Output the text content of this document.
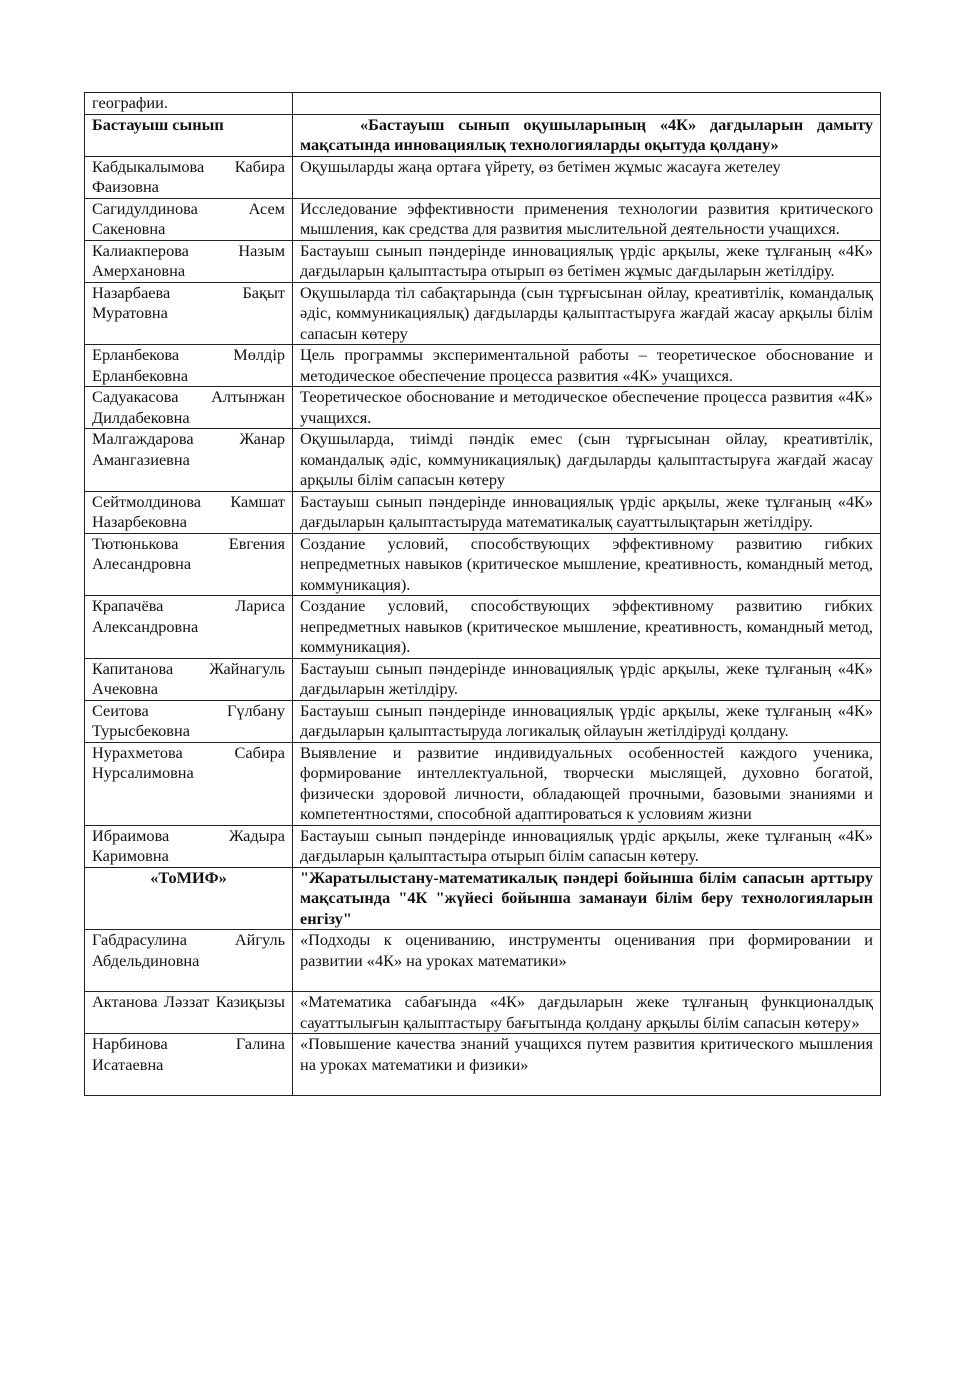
географии.	
Бастауыш сынып	«Бастауыш сынып оқушыларының «4К» дағдыларын дамыту мақсатында инновациялық технологияларды оқытуда қолдану»
Кабдыкалымова Кабира Фаизовна	Оқушыларды жаңа ортаға үйрету, өз бетімен жұмыс жасауға жетелеу
Сагидулдинова Асем Сакеновна	Исследование эффективности применения технологии развития критического мышления, как средства для развития мыслительной деятельности учащихся.
Калиакперова Назым Амерхановна	Бастауыш сынып пәндерінде инновациялық үрдіс арқылы, жеке тұлғаның «4К» дағдыларын қалыптастыра отырып өз бетімен жұмыс дағдыларын жетілдіру.
Назарбаева Бақыт Муратовна	Оқушыларда тіл сабақтарында (сын тұрғысынан ойлау, креативтілік, командалық әдіс, коммуникациялық) дағдыларды қалыптастыруға жағдай жасау арқылы білім сапасын көтеру
Ерланбекова Мөлдір Ерланбековна	Цель программы экспериментальной работы – теоретическое обоснование и методическое обеспечение процесса развития «4К» учащихся.
Садуакасова Алтынжан Дилдабековна	Теоретическое обоснование и методическое обеспечение процесса развития «4К» учащихся.
Малгаждарова Жанар Амангазиевна	Оқушыларда, тиімді пәндік емес (сын тұрғысынан ойлау, креативтілік, командалық әдіс, коммуникациялық) дағдыларды қалыптастыруға жағдай жасау арқылы білім сапасын көтеру
Сейтмолдинова Камшат Назарбековна	Бастауыш сынып пәндерінде инновациялық үрдіс арқылы, жеке тұлғаның «4К» дағдыларын қалыптастыруда математикалық сауаттылықтарын жетілдіру.
Тютюнькова Евгения Алесандровна	Создание условий, способствующих эффективному развитию гибких непредметных навыков (критическое мышление, креативность, командный метод, коммуникация).
Крапачёва Лариса Александровна	Создание условий, способствующих эффективному развитию гибких непредметных навыков (критическое мышление, креативность, командный метод, коммуникация).
Капитанова Жайнагуль Ачековна	Бастауыш сынып пәндерінде инновациялық үрдіс арқылы, жеке тұлғаның «4К» дағдыларын жетілдіру.
Сеитова Гүлбану Турысбековна	Бастауыш сынып пәндерінде инновациялық үрдіс арқылы, жеке тұлғаның «4К» дағдыларын қалыптастыруда логикалық ойлауын жетілдіруді қолдану.
Нурахметова Сабира Нурсалимовна	Выявление и развитие индивидуальных особенностей каждого ученика, формирование интеллектуальной, творчески мыслящей, духовно богатой, физически здоровой личности, обладающей прочными, базовыми знаниями и компетентностями, способной адаптироваться к условиям жизни
Ибраимова Жадыра Каримовна	Бастауыш сынып пәндерінде инновациялық үрдіс арқылы, жеке тұлғаның «4К» дағдыларын қалыптастыра отырып білім сапасын көтеру.
«ТоМИФ»	"Жаратылыстану-математикалық пәндері бойынша білім сапасын арттыру мақсатында "4К "жүйесі бойынша заманауи білім беру технологияларын енгізу"
Габдрасулина Айгуль Абдельдиновна	«Подходы к оцениванию, инструменты оценивания при формировании и развитии «4К» на уроках математики»
Актанова Ләззат Казиқызы	«Математика сабағында «4К» дағдыларын жеке тұлғаның функционалдық сауаттылығын қалыптастыру бағытында қолдану арқылы білім сапасын көтеру»
Нарбинова Галина Исатаевна	«Повышение качества знаний учащихся путем развития критического мышления на уроках математики и физики»
